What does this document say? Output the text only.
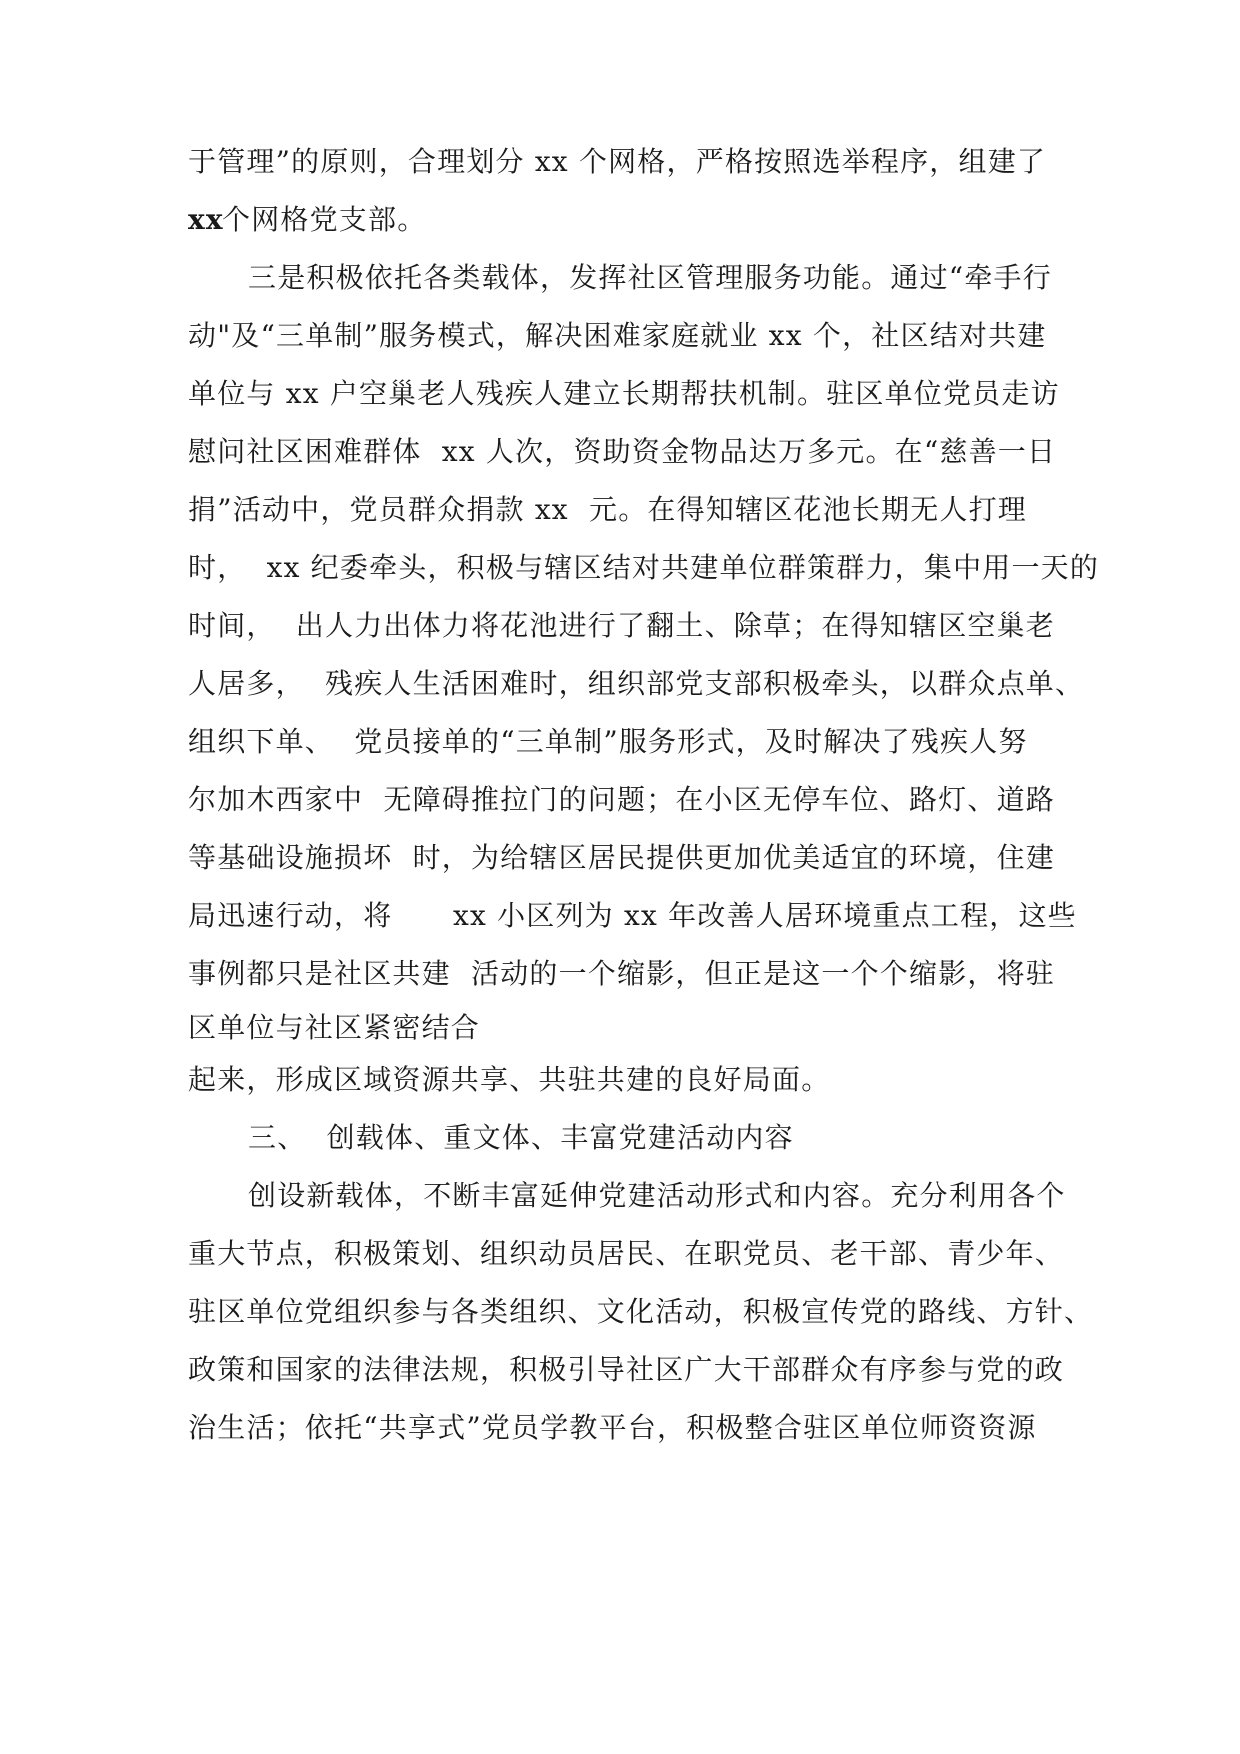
于管理”的原则，合理划分 xx 个网格，严格按照选举程序，组建了
xx
个网格党支部。
三是积极依托各类载体，发挥社区管理服务功能。通过“牵手行
动"及“三单制”服务模式，解决困难家庭就业 xx 个，社区结对共建
单位与 xx 户空巢老人残疾人建立长期帮扶机制。驻区单位党员走访
慰问社区困难群体  xx 人次，资助资金物品达万多元。在“慈善一日
捐”活动中，党员群众捐款 xx  元。在得知辖区花池长期无人打理
时，  xx 纪委牵头，积极与辖区结对共建单位群策群力，集中用一天的
时间，  出人力出体力将花池进行了翻土、除草；在得知辖区空巢老
人居多，  残疾人生活困难时，组织部党支部积极牵头，以群众点单、
组织下单、  党员接单的“三单制”服务形式，及时解决了残疾人努
尔加木西家中  无障碍推拉门的问题；在小区无停车位、路灯、道路
等基础设施损坏  时，为给辖区居民提供更加优美适宜的环境，住建
局迅速行动，将      xx 小区列为 xx 年改善人居环境重点工程，这些
事例都只是社区共建  活动的一个缩影，但正是这一个个缩影，将驻
区单位与社区紧密结合
起来，形成区域资源共享、共驻共建的良好局面。
三、  创载体、重文体、丰富党建活动内容
创设新载体，不断丰富延伸党建活动形式和内容。充分利用各个
重大节点，积极策划、组织动员居民、在职党员、老干部、青少年、
驻区单位党组织参与各类组织、文化活动，积极宣传党的路线、方针、
政策和国家的法律法规，积极引导社区广大干部群众有序参与党的政
治生活；依托“共享式”党员学教平台，积极整合驻区单位师资资源
